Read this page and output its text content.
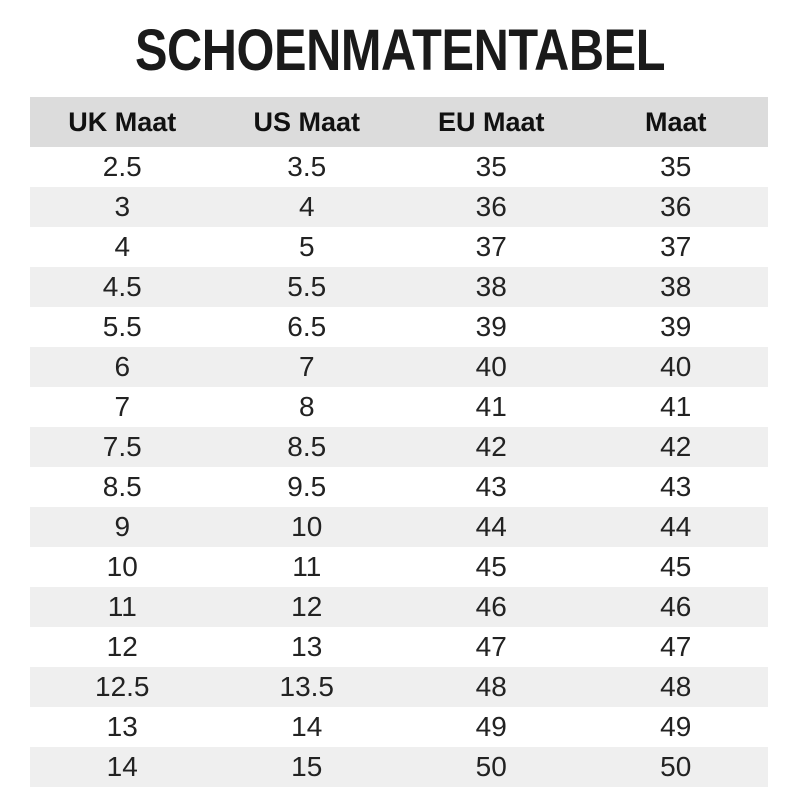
SCHOENMATENTABEL
UK Maat	US Maat	EU Maat	Maat
2.5	3.5	35	35
3	4	36	36
4	5	37	37
4.5	5.5	38	38
5.5	6.5	39	39
6	7	40	40
7	8	41	41
7.5	8.5	42	42
8.5	9.5	43	43
9	10	44	44
10	11	45	45
11	12	46	46
12	13	47	47
12.5	13.5	48	48
13	14	49	49
14	15	50	50
